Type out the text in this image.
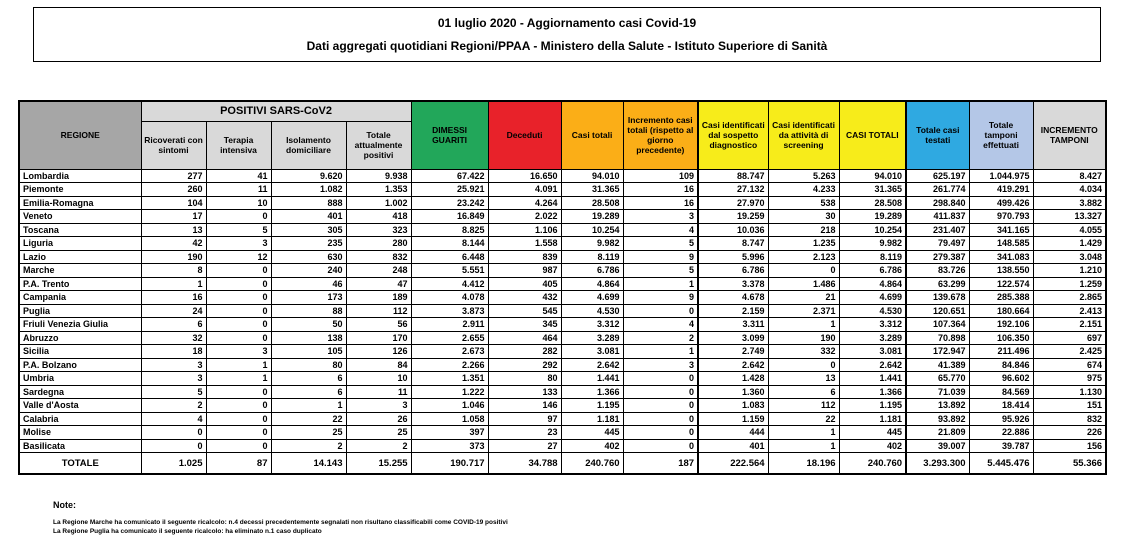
01 luglio 2020 - Aggiornamento casi Covid-19
Dati aggregati quotidiani Regioni/PPAA - Ministero della Salute - Istituto Superiore di Sanità
REGIONE	POSITIVI SARS-CoV2				DIMESSI GUARITI	Deceduti	Casi totali	Incremento casi totali (rispetto al giorno precedente)	Casi identificati dal sospetto diagnostico	Casi identificati da attività di screening	CASI TOTALI	Totale casi testati	Totale tamponi effettuati	INCREMENTO TAMPONI
	Ricoverati con sintomi	Terapia intensiva	Isolamento domiciliare	Totale attualmente positivi										
Lombardia	277	41	9.620	9.938	67.422	16.650	94.010	109	88.747	5.263	94.010	625.197	1.044.975	8.427
Piemonte	260	11	1.082	1.353	25.921	4.091	31.365	16	27.132	4.233	31.365	261.774	419.291	4.034
Emilia-Romagna	104	10	888	1.002	23.242	4.264	28.508	16	27.970	538	28.508	298.840	499.426	3.882
Veneto	17	0	401	418	16.849	2.022	19.289	3	19.259	30	19.289	411.837	970.793	13.327
Toscana	13	5	305	323	8.825	1.106	10.254	4	10.036	218	10.254	231.407	341.165	4.055
Liguria	42	3	235	280	8.144	1.558	9.982	5	8.747	1.235	9.982	79.497	148.585	1.429
Lazio	190	12	630	832	6.448	839	8.119	9	5.996	2.123	8.119	279.387	341.083	3.048
Marche	8	0	240	248	5.551	987	6.786	5	6.786	0	6.786	83.726	138.550	1.210
P.A. Trento	1	0	46	47	4.412	405	4.864	1	3.378	1.486	4.864	63.299	122.574	1.259
Campania	16	0	173	189	4.078	432	4.699	9	4.678	21	4.699	139.678	285.388	2.865
Puglia	24	0	88	112	3.873	545	4.530	0	2.159	2.371	4.530	120.651	180.664	2.413
Friuli Venezia Giulia	6	0	50	56	2.911	345	3.312	4	3.311	1	3.312	107.364	192.106	2.151
Abruzzo	32	0	138	170	2.655	464	3.289	2	3.099	190	3.289	70.898	106.350	697
Sicilia	18	3	105	126	2.673	282	3.081	1	2.749	332	3.081	172.947	211.496	2.425
P.A. Bolzano	3	1	80	84	2.266	292	2.642	3	2.642	0	2.642	41.389	84.846	674
Umbria	3	1	6	10	1.351	80	1.441	0	1.428	13	1.441	65.770	96.602	975
Sardegna	5	0	6	11	1.222	133	1.366	0	1.360	6	1.366	71.039	84.569	1.130
Valle d'Aosta	2	0	1	3	1.046	146	1.195	0	1.083	112	1.195	13.892	18.414	151
Calabria	4	0	22	26	1.058	97	1.181	0	1.159	22	1.181	93.892	95.926	832
Molise	0	0	25	25	397	23	445	0	444	1	445	21.809	22.886	226
Basilicata	0	0	2	2	373	27	402	0	401	1	402	39.007	39.787	156
TOTALE	1.025	87	14.143	15.255	190.717	34.788	240.760	187	222.564	18.196	240.760	3.293.300	5.445.476	55.366
Note:
La Regione Marche ha comunicato il seguente ricalcolo: n.4 decessi precedentemente segnalati non risultano classificabili come COVID-19 positivi
La Regione Puglia ha comunicato il seguente ricalcolo: ha eliminato n.1 caso duplicato
